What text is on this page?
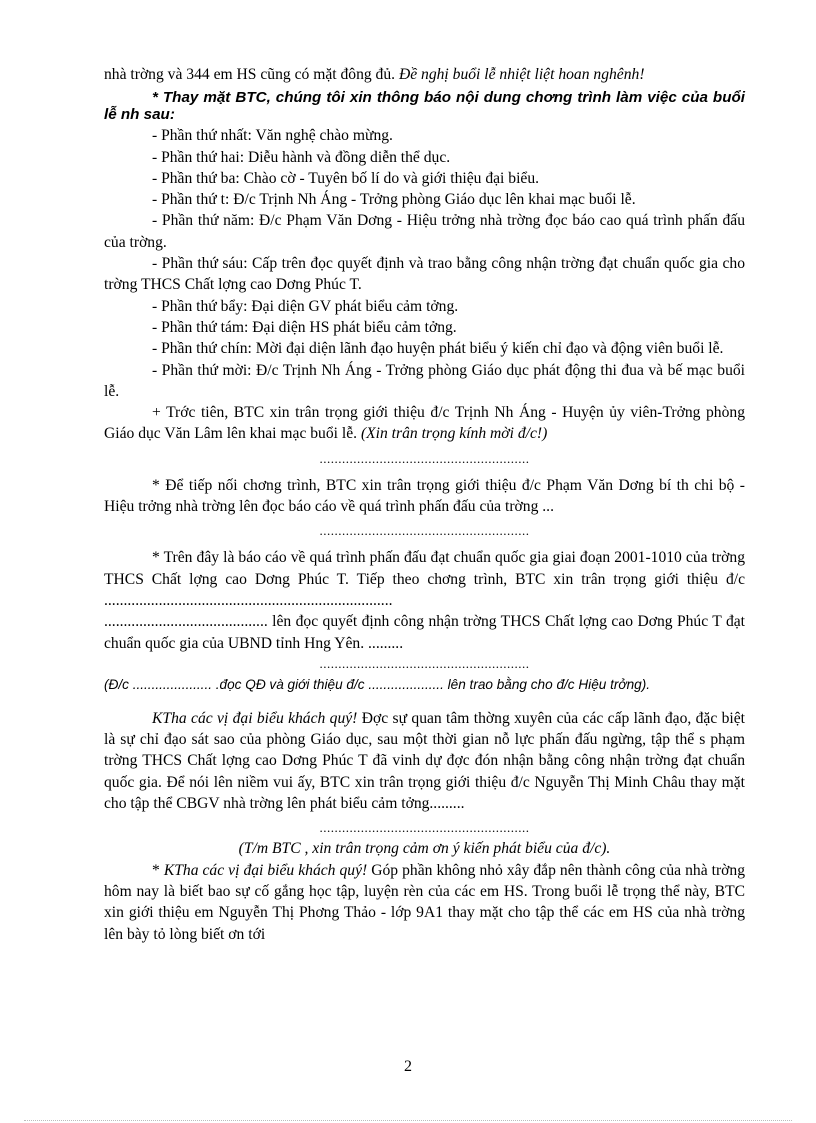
nhà trờng và 344 em HS cũng có mặt đông đủ. Đề nghị buổi lễ nhiệt liệt hoan nghênh!

* Thay mặt BTC, chúng tôi xin thông báo nội dung chơng trình làm việc của buổi lễ nh sau:

- Phần thứ nhất: Văn nghệ chào mừng.

- Phần thứ hai: Diễu hành và đồng diễn thể dục.

- Phần thứ ba: Chào cờ - Tuyên bố lí do và giới thiệu đại biểu.

- Phần thứ t: Đ/c Trịnh Nh Áng - Trởng phòng Giáo dục lên khai mạc buổi lễ.

- Phần thứ năm: Đ/c Phạm Văn Dơng - Hiệu trởng nhà trờng đọc báo cao quá trình phấn đấu của trờng.

- Phần thứ sáu: Cấp trên đọc quyết định và trao bằng công nhận trờng đạt chuẩn quốc gia cho trờng THCS Chất lợng cao Dơng Phúc T.

- Phần thứ bẩy: Đại diện GV phát biểu cảm tởng.

- Phần thứ tám: Đại diện HS phát biểu cảm tởng.

- Phần thứ chín: Mời đại diện lãnh đạo huyện phát biểu ý kiến chỉ đạo và động viên buổi lễ.

- Phần thứ mời: Đ/c Trịnh Nh Áng - Trởng phòng Giáo dục phát động thi đua và bế mạc buổi lễ.

+ Trớc tiên, BTC xin trân trọng giới thiệu đ/c Trịnh Nh Áng - Huyện ủy viên-Trởng phòng Giáo dục Văn Lâm lên khai mạc buổi lễ. (Xin trân trọng kính mời đ/c!)

........................................................

* Để tiếp nối chơng trình, BTC xin trân trọng giới thiệu đ/c Phạm Văn Dơng bí th chi bộ - Hiệu trởng nhà trờng lên đọc báo cáo về quá trình phấn đấu của trờng ...

........................................................

* Trên đây là báo cáo về quá trình phấn đấu đạt chuẩn quốc gia giai đoạn 2001-1010 của trờng THCS Chất lợng cao Dơng Phúc T. Tiếp theo chơng trình, BTC xin trân trọng giới thiệu đ/c ..........................................................................

.......................................... lên đọc quyết định công nhận trờng THCS Chất lợng cao Dơng Phúc T đạt chuẩn quốc gia của UBND tỉnh Hng Yên. .........

........................................................
(Đ/c ..................... .đọc QĐ và giới thiệu đ/c .................... lên trao bằng cho đ/c Hiệu trởng).

KTha các vị đại biểu khách quý! Đợc sự quan tâm thờng xuyên của các cấp lãnh đạo, đặc biệt là sự chỉ đạo sát sao của phòng Giáo dục, sau một thời gian nỗ lực phấn đấu ngừng, tập thể s phạm trờng THCS Chất lợng cao Dơng Phúc T đã vinh dự đợc đón nhận bằng công nhận trờng đạt chuẩn quốc gia. Để nói lên niềm vui ấy, BTC xin trân trọng giới thiệu đ/c Nguyễn Thị Minh Châu thay mặt cho tập thể CBGV nhà trờng lên phát biểu cảm tởng.........

........................................................

(T/m BTC , xin trân trọng cảm ơn ý kiến phát biểu của đ/c).

* KTha các vị đại biểu khách quý! Góp phần không nhỏ xây đắp nên thành công của nhà trờng hôm nay là biết bao sự cố gắng học tập, luyện rèn của các em HS. Trong buổi lễ trọng thể này, BTC xin giới thiệu em Nguyễn Thị Phơng Thảo - lớp 9A1 thay mặt cho tập thể các em HS của nhà trờng lên bày tỏ lòng biết ơn tới

2
